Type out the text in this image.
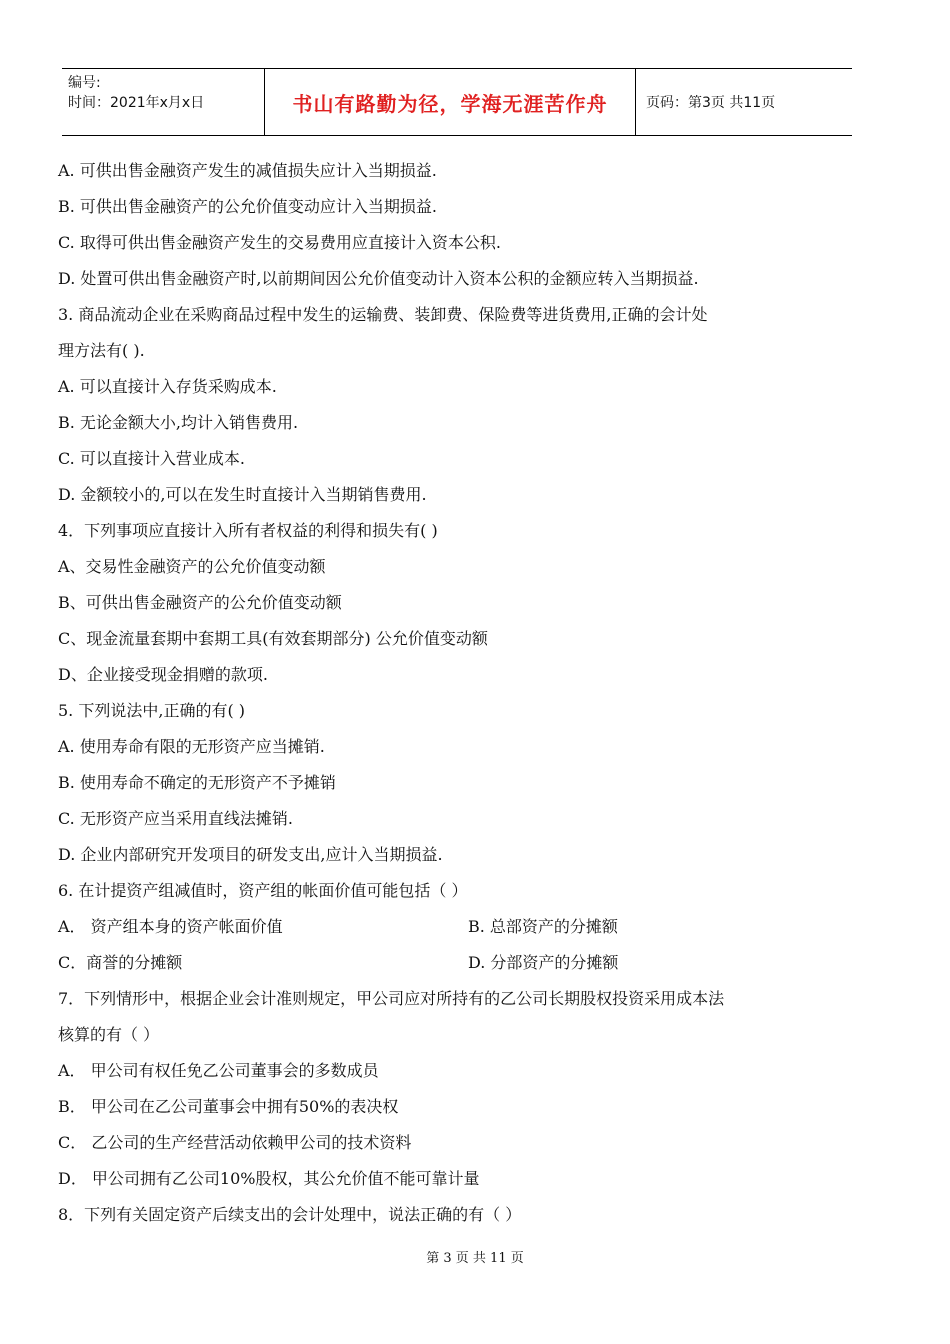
编号:
时间：2021年x月x日	书山有路勤为径，学海无涯苦作舟	页码：第3页 共11页
A. 可供出售金融资产发生的减值损失应计入当期损益.
B. 可供出售金融资产的公允价值变动应计入当期损益.
C. 取得可供出售金融资产发生的交易费用应直接计入资本公积.
D. 处置可供出售金融资产时,以前期间因公允价值变动计入资本公积的金额应转入当期损益.
3. 商品流动企业在采购商品过程中发生的运输费、装卸费、保险费等进货费用,正确的会计处
理方法有( ).
A. 可以直接计入存货采购成本.
B. 无论金额大小,均计入销售费用.
C. 可以直接计入营业成本.
D. 金额较小的,可以在发生时直接计入当期销售费用.
4．下列事项应直接计入所有者权益的利得和损失有( )
A、交易性金融资产的公允价值变动额
B、可供出售金融资产的公允价值变动额
C、现金流量套期中套期工具(有效套期部分) 公允价值变动额
D、企业接受现金捐赠的款项.
5. 下列说法中,正确的有( )
A. 使用寿命有限的无形资产应当摊销.
B. 使用寿命不确定的无形资产不予摊销
C. 无形资产应当采用直线法摊销.
D. 企业内部研究开发项目的研发支出,应计入当期损益.
6. 在计提资产组减值时，资产组的帐面价值可能包括（ ）
A． 资产组本身的资产帐面价值	B. 总部资产的分摊额
C．商誉的分摊额	D. 分部资产的分摊额
7．下列情形中，根据企业会计准则规定，甲公司应对所持有的乙公司长期股权投资采用成本法
核算的有（ ）
A． 甲公司有权任免乙公司董事会的多数成员
B． 甲公司在乙公司董事会中拥有50%的表决权
C． 乙公司的生产经营活动依赖甲公司的技术资料
D． 甲公司拥有乙公司10%股权，其公允价值不能可靠计量
8．下列有关固定资产后续支出的会计处理中，说法正确的有（ ）
第 3 页 共 11 页
